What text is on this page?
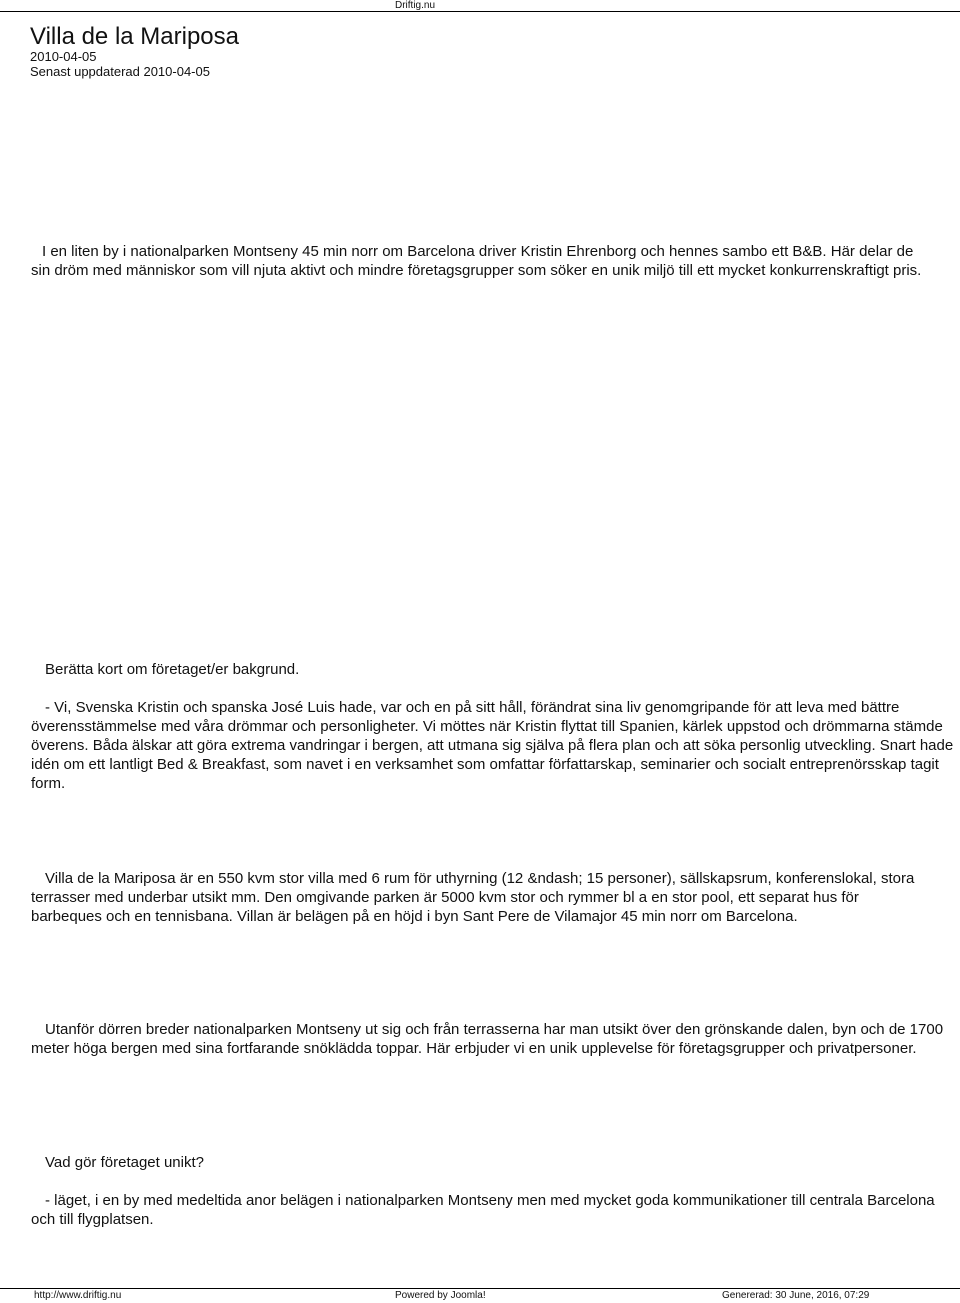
Driftig.nu
Villa de la Mariposa
2010-04-05
Senast uppdaterad 2010-04-05

I en liten by i nationalparken Montseny 45 min norr om Barcelona driver Kristin Ehrenborg och hennes sambo ett B&B. Här delar de sin dröm med människor som vill njuta aktivt och mindre företagsgrupper som söker en unik miljö till ett mycket konkurrenskraftigt pris.

Berätta kort om företaget/er bakgrund.

- Vi, Svenska Kristin och spanska José Luis hade, var och en på sitt håll, förändrat sina liv genomgripande för att leva med bättre överensstämmelse med våra drömmar och personligheter. Vi möttes när Kristin flyttat till Spanien, kärlek uppstod och drömmarna stämde överens. Båda älskar att göra extrema vandringar i bergen, att utmana sig själva på flera plan och att söka personlig utveckling. Snart hade idén om ett lantligt Bed & Breakfast, som navet i en verksamhet som omfattar författarskap, seminarier och socialt entreprenörsskap tagit form.

Villa de la Mariposa är en 550 kvm stor villa med 6 rum för uthyrning (12 &ndash; 15 personer), sällskapsrum, konferenslokal, stora terrasser med underbar utsikt mm. Den omgivande parken är 5000 kvm stor och rymmer bl a en stor pool, ett separat hus för barbeques och en tennisbana. Villan är belägen på en höjd i byn Sant Pere de Vilamajor 45 min norr om Barcelona.

Utanför dörren breder nationalparken Montseny ut sig och från terrasserna har man utsikt över den grönskande dalen, byn och de 1700 meter höga bergen med sina fortfarande snöklädda toppar. Här erbjuder vi en unik upplevelse för företagsgrupper och privatpersoner.

Vad gör företaget unikt?

- läget, i en by med medeltida anor belägen i nationalparken Montseny men med mycket goda kommunikationer till centrala Barcelona och till flygplatsen.

http://www.driftig.nu	Powered by Joomla!	Genererad: 30 June, 2016, 07:29
